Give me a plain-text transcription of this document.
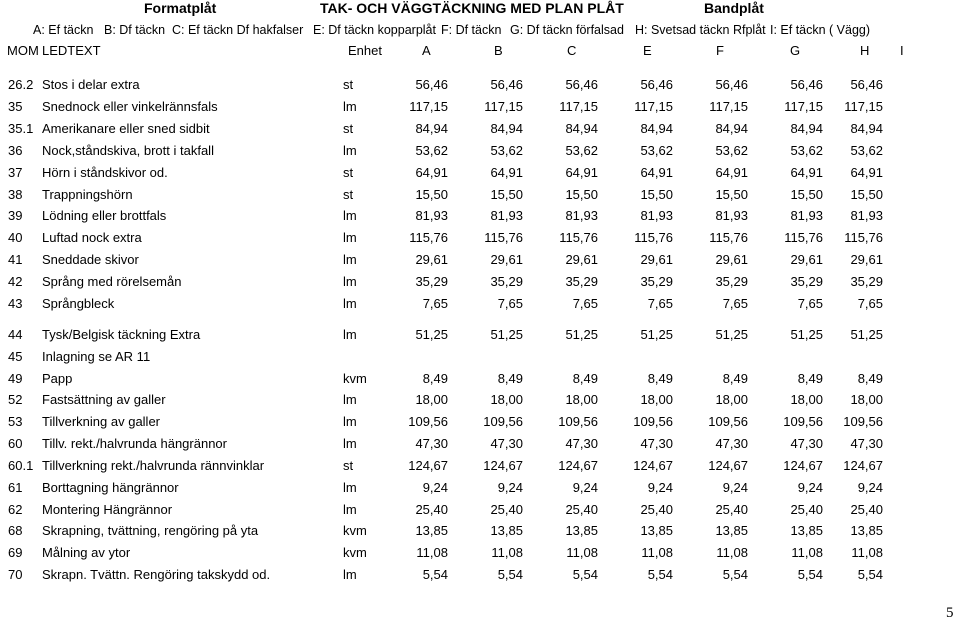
Formatplåt	TAK- OCH VÄGGTÄCKNING MED PLAN PLÅT	Bandplåt
A: Ef täckn B: Df täckn C: Ef täckn Df hakfalser E: Df täckn kopparplåt F: Df täckn G: Df täckn förfalsad H: Svetsad täckn Rfplåt I: Ef täckn ( Vägg)
MOM LEDTEXT	Enhet	A	B	C	E	F	G	H I
26.2 Stos i delar extra	st	56,46	56,46	56,46	56,46	56,46	56,46	56,46
35	Snednock eller vinkelrännsfals	lm	117,15	117,15	117,15	117,15	117,15	117,15	117,15
35.1 Amerikanare eller sned sidbit	st	84,94	84,94	84,94	84,94	84,94	84,94	84,94
36	Nock,ståndskiva, brott i takfall	lm	53,62	53,62	53,62	53,62	53,62	53,62	53,62
37	Hörn i ståndskivor od.	st	64,91	64,91	64,91	64,91	64,91	64,91	64,91
38	Trappningshörn	st	15,50	15,50	15,50	15,50	15,50	15,50	15,50
39	Lödning eller brottfals	lm	81,93	81,93	81,93	81,93	81,93	81,93	81,93
40	Luftad nock extra	lm	115,76	115,76	115,76	115,76	115,76	115,76	115,76
41	Sneddade skivor	lm	29,61	29,61	29,61	29,61	29,61	29,61	29,61
42	Språng med rörelsemån	lm	35,29	35,29	35,29	35,29	35,29	35,29	35,29
43	Språngbleck	lm	7,65	7,65	7,65	7,65	7,65	7,65	7,65
44	Tysk/Belgisk täckning Extra	lm	51,25	51,25	51,25	51,25	51,25	51,25	51,25
45	Inlagning se AR 11
49	Papp	kvm	8,49	8,49	8,49	8,49	8,49	8,49	8,49
52	Fastsättning av galler	lm	18,00	18,00	18,00	18,00	18,00	18,00	18,00
53	Tillverkning av galler	lm	109,56	109,56	109,56	109,56	109,56	109,56	109,56
60	Tillv. rekt./halvrunda hängrännor	lm	47,30	47,30	47,30	47,30	47,30	47,30	47,30
60.1 Tillverkning rekt./halvrunda rännvinklar	st	124,67	124,67	124,67	124,67	124,67	124,67	124,67
61	Borttagning hängrännor	lm	9,24	9,24	9,24	9,24	9,24	9,24	9,24
62	Montering Hängrännor	lm	25,40	25,40	25,40	25,40	25,40	25,40	25,40
68	Skrapning, tvättning, rengöring på yta	kvm	13,85	13,85	13,85	13,85	13,85	13,85	13,85
69	Målning av ytor	kvm	11,08	11,08	11,08	11,08	11,08	11,08	11,08
70	Skrapn. Tvättn. Rengöring takskydd od.	lm	5,54	5,54	5,54	5,54	5,54	5,54	5,54
5
